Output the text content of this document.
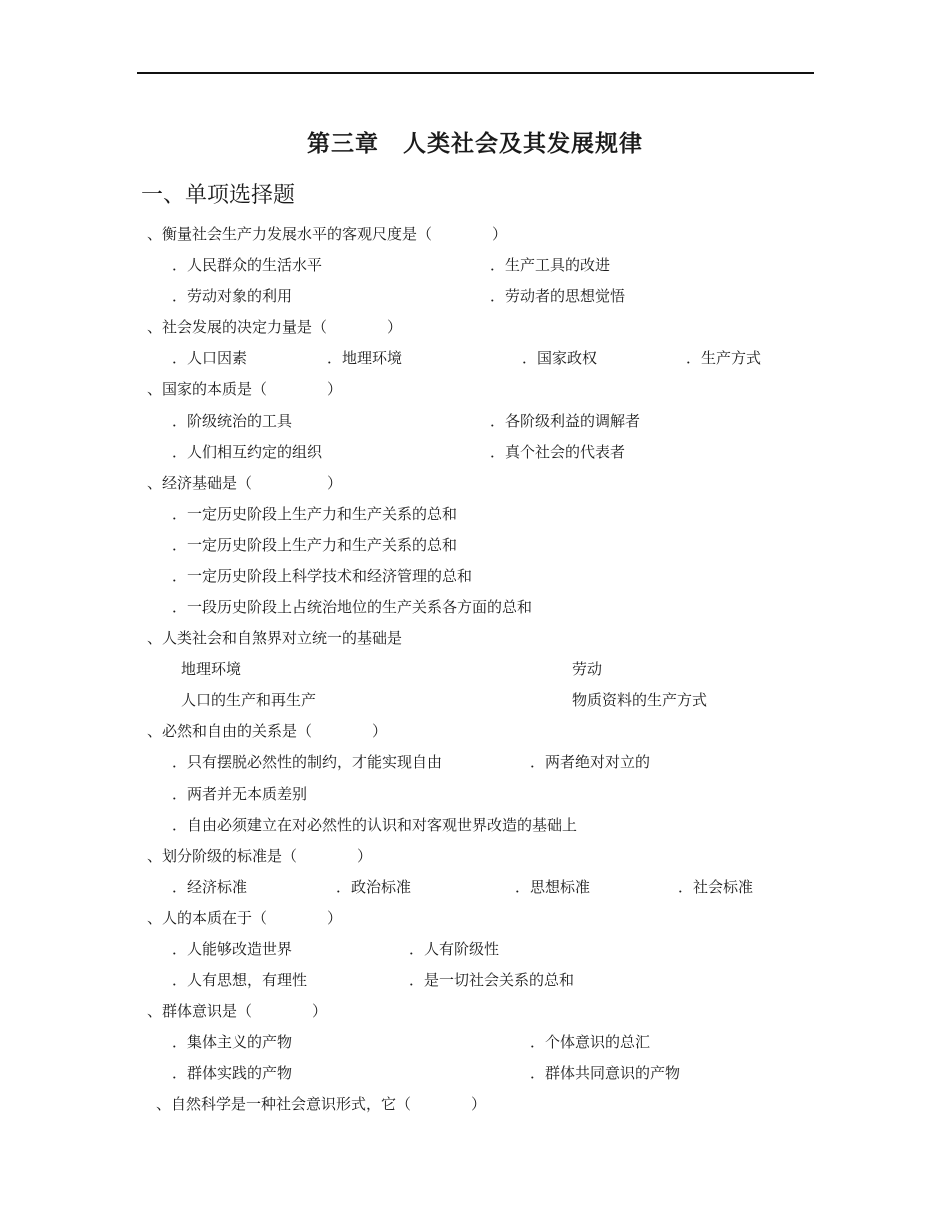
第三章　人类社会及其发展规律
一、单项选择题
、衡量社会生产力发展水平的客观尺度是（　　　　）
．人民群众的生活水平	．生产工具的改进
．劳动对象的利用	．劳动者的思想觉悟
、社会发展的决定力量是（　　　　）
．人口因素	．地理环境	．国家政权	．生产方式
、国家的本质是（　　　　）
．阶级统治的工具	．各阶级利益的调解者
．人们相互约定的组织	．真个社会的代表者
、经济基础是（　　　　　）
．一定历史阶段上生产力和生产关系的总和
．一定历史阶段上生产力和生产关系的总和
．一定历史阶段上科学技术和经济管理的总和
．一段历史阶段上占统治地位的生产关系各方面的总和
、人类社会和自煞界对立统一的基础是
地理环境	劳动
人口的生产和再生产	物质资料的生产方式
、必然和自由的关系是（　　　　）
．只有摆脱必然性的制约，才能实现自由	．两者绝对对立的
．两者并无本质差别
．自由必须建立在对必然性的认识和对客观世界改造的基础上
、划分阶级的标准是（　　　　）
．经济标准	．政治标准	．思想标准	．社会标准
、人的本质在于（　　　　）
．人能够改造世界	．人有阶级性
．人有思想，有理性	．是一切社会关系的总和
、群体意识是（　　　　）
．集体主义的产物	．个体意识的总汇
．群体实践的产物	．群体共同意识的产物
、自然科学是一种社会意识形式，它（　　　　）
